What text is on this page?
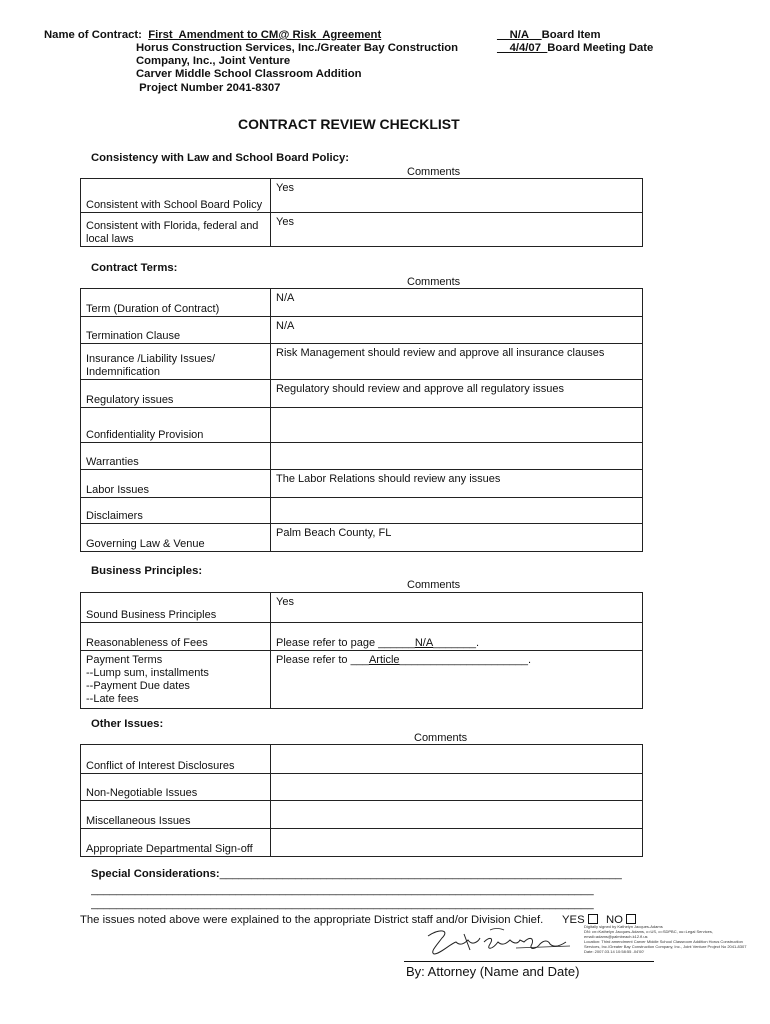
Name of Contract: First  Amendment to CM@ Risk  Agreement
Horus Construction Services, Inc./Greater Bay Construction
Company, Inc., Joint Venture
Carver Middle School Classroom Addition
Project Number 2041-8307
__N/A__Board Item
__4/4/07_Board Meeting Date
CONTRACT REVIEW CHECKLIST
Consistency with Law and School Board Policy:
Comments
Consistent with School Board Policy	Yes
Consistent with Florida, federal and local laws	Yes
Contract Terms:
Comments
Term (Duration of Contract)	N/A
Termination Clause	N/A
Insurance /Liability Issues/ Indemnification	Risk Management should review and approve all insurance clauses
Regulatory issues	Regulatory should review and approve all regulatory issues
Confidentiality Provision	
Warranties	
Labor Issues	The Labor Relations should review any issues
Disclaimers	
Governing Law & Venue	Palm Beach County, FL
Business Principles:
Comments
Sound Business Principles	Yes
Reasonableness of Fees	Please refer to page ______N/A_______.

Payment Terms
--Lump sum, installments
--Payment Due dates
--Late fees	Please refer to ___Article_____________________.
Other Issues:
Comments
Conflict of Interest Disclosures	
Non-Negotiable Issues	
Miscellaneous Issues	
Appropriate Departmental Sign-off	
Special Considerations:________________________________________________________________
________________________________________________________________________________
________________________________________________________________________________
The issues noted above were explained to the appropriate District staff and/or Division Chief. YES	NO
Digitally signed by Kathelyn Jacques-Adams
DN: cn=Kathelyn Jacques-Adams, c=US, o=SDPBC, ou=Legal Services,
email=adams@palmbeach.k12.fl.us
Location: Third amendment Carver Middle School Classroom Addition Horus Construction
Services, Inc./Greater Bay Construction Company, Inc., Joint Venture Project No 2041-8307
Date: 2007.03.14 10:58:55 -04'00'
By: Attorney (Name and Date)
